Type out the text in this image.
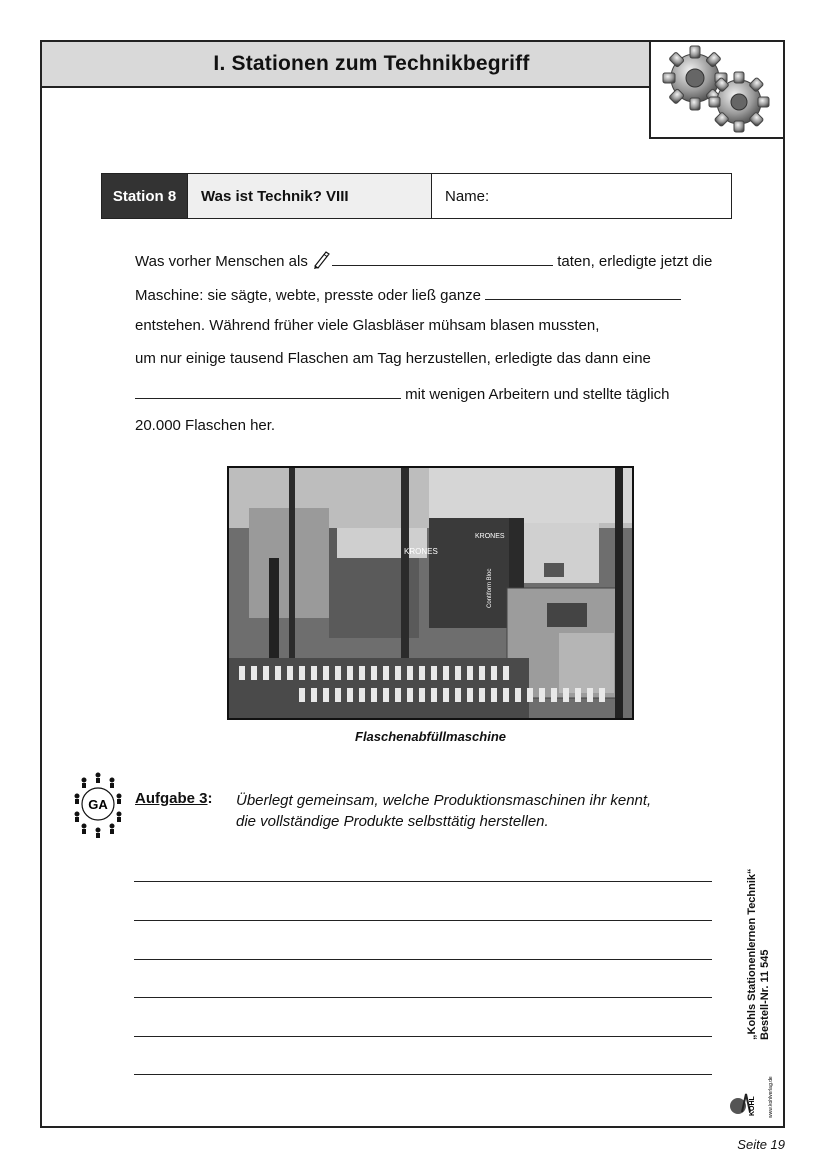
I. Stationen zum Technikbegriff
Station 8	Was ist Technik? VIII	Name:
Was vorher Menschen als	taten, erledigte jetzt die
Maschine: sie sägte, webte, presste oder ließ ganze
entstehen. Während früher viele Glasbläser mühsam blasen mussten,
um nur einige tausend Flaschen am Tag herzustellen, erledigte das dann eine
mit wenigen Arbeitern und stellte täglich
20.000 Flaschen her.
KRONES
KRONES
Contiform Bloc
Flaschenabfüllmaschine
GA Aufgabe 3: Überlegt gemeinsam, welche Produktionsmaschinen ihr kennt,
die vollständige Produkte selbsttätig herstellen.
„Kohls Stationenlernen Technik“ Bestell-Nr. 11 545
KOHL www.kohlverlag.de
Seite 19
